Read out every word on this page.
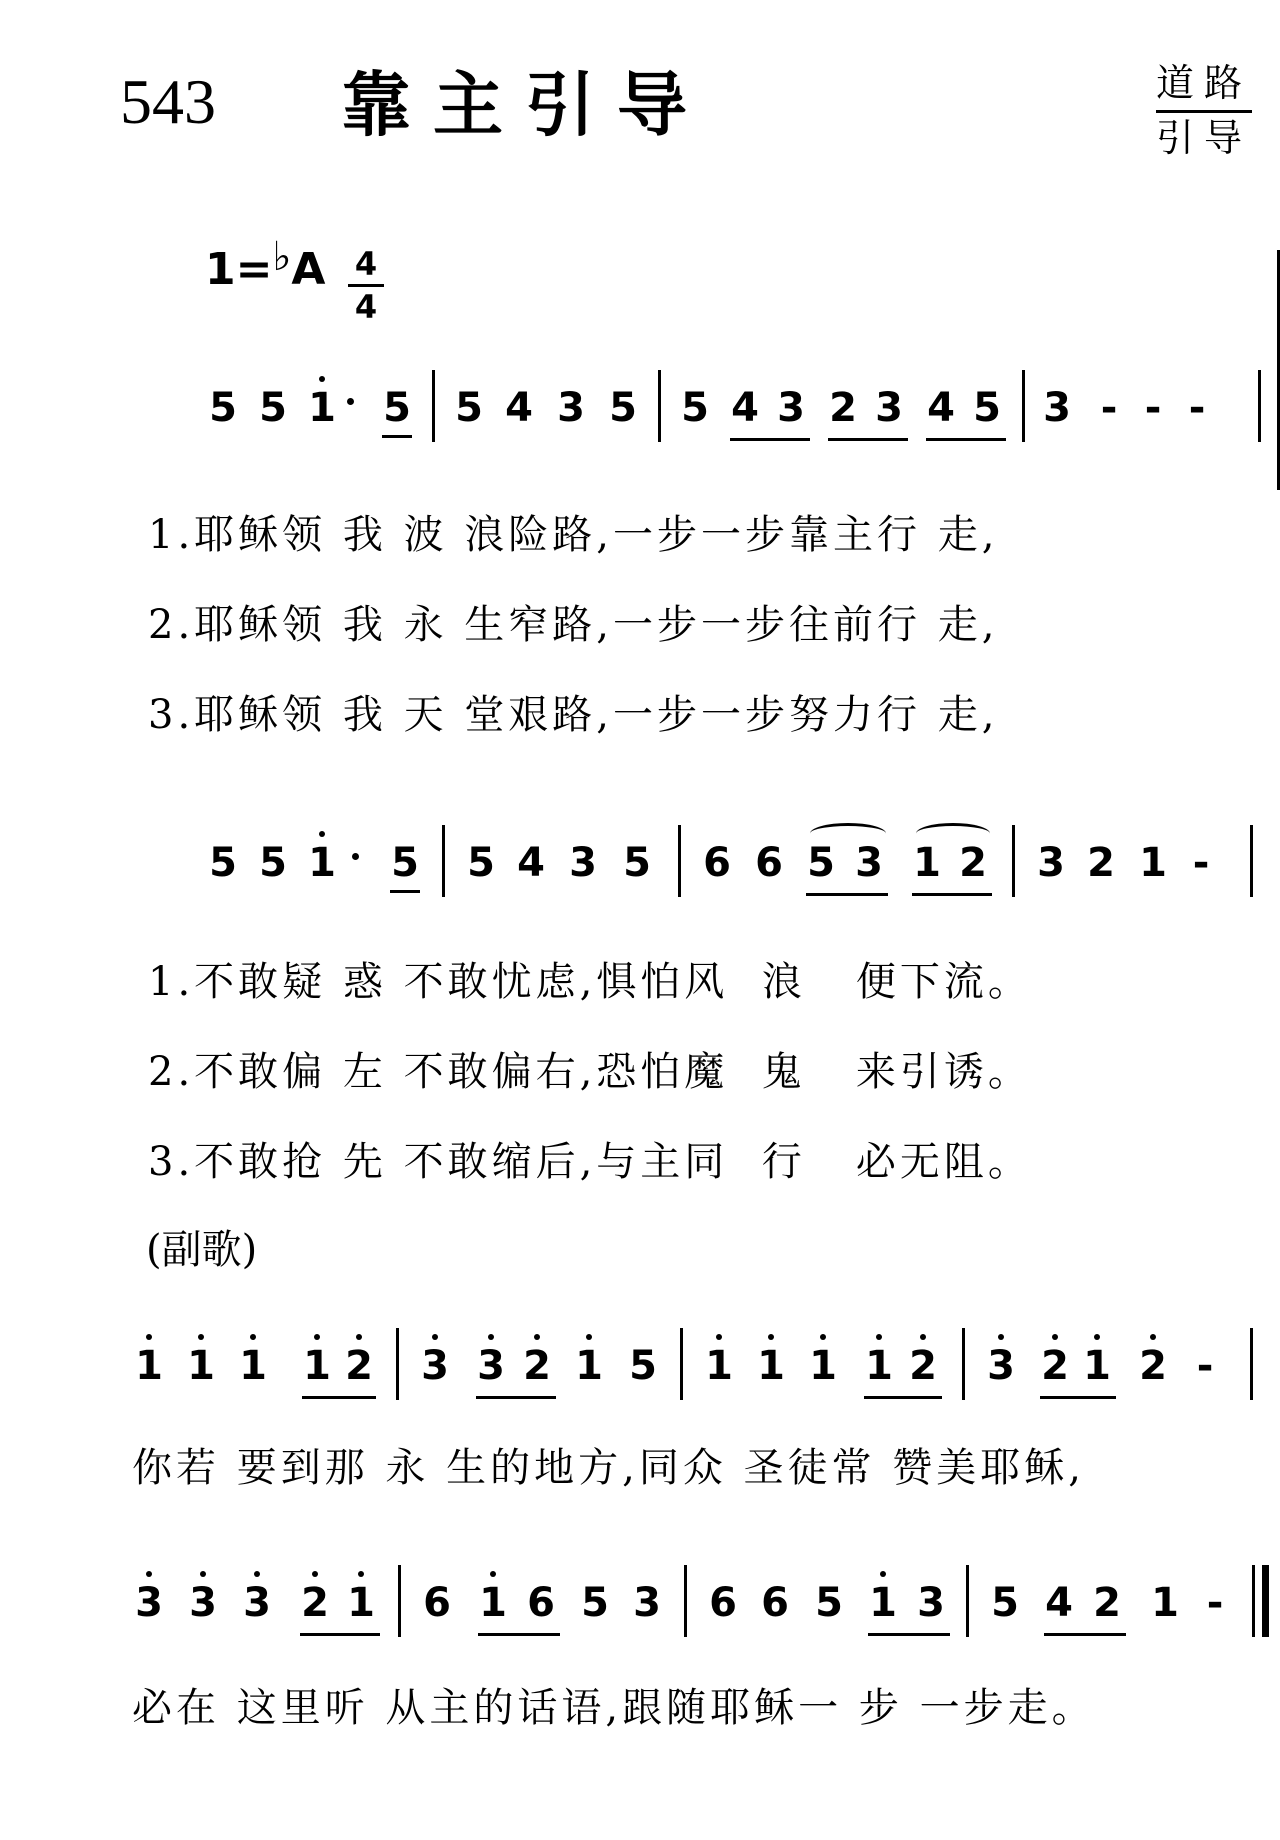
543	靠主引导	道路
引导
1=♭A 4
4
5 5 1 5 5 4 3 5 5 4 3 2 3 4 5 3 - - -
1.耶稣领 我 波 浪险路,一步一步靠主行 走,
2.耶稣领 我 永 生窄路,一步一步往前行 走,
3.耶稣领 我 天 堂艰路,一步一步努力行 走,
5 5 1 5 5 4 3 5 6 6 5 3 1 2 3 2 1 -
1.不敢疑 惑 不敢忧虑,惧怕风  浪   便下流。
2.不敢偏 左 不敢偏右,恐怕魔  鬼   来引诱。
3.不敢抢 先 不敢缩后,与主同  行   必无阻。
(副歌)
1 1 1 1 2 3 3 2 1 5 1 1 1 1 2 3 2 1 2 -
你若 要到那 永 生的地方,同众 圣徒常 赞美耶稣,
3 3 3 2 1 6 1 6 5 3 6 6 5 1 3 5 4 2 1 -
必在 这里听 从主的话语,跟随耶稣一 步 一步走。
